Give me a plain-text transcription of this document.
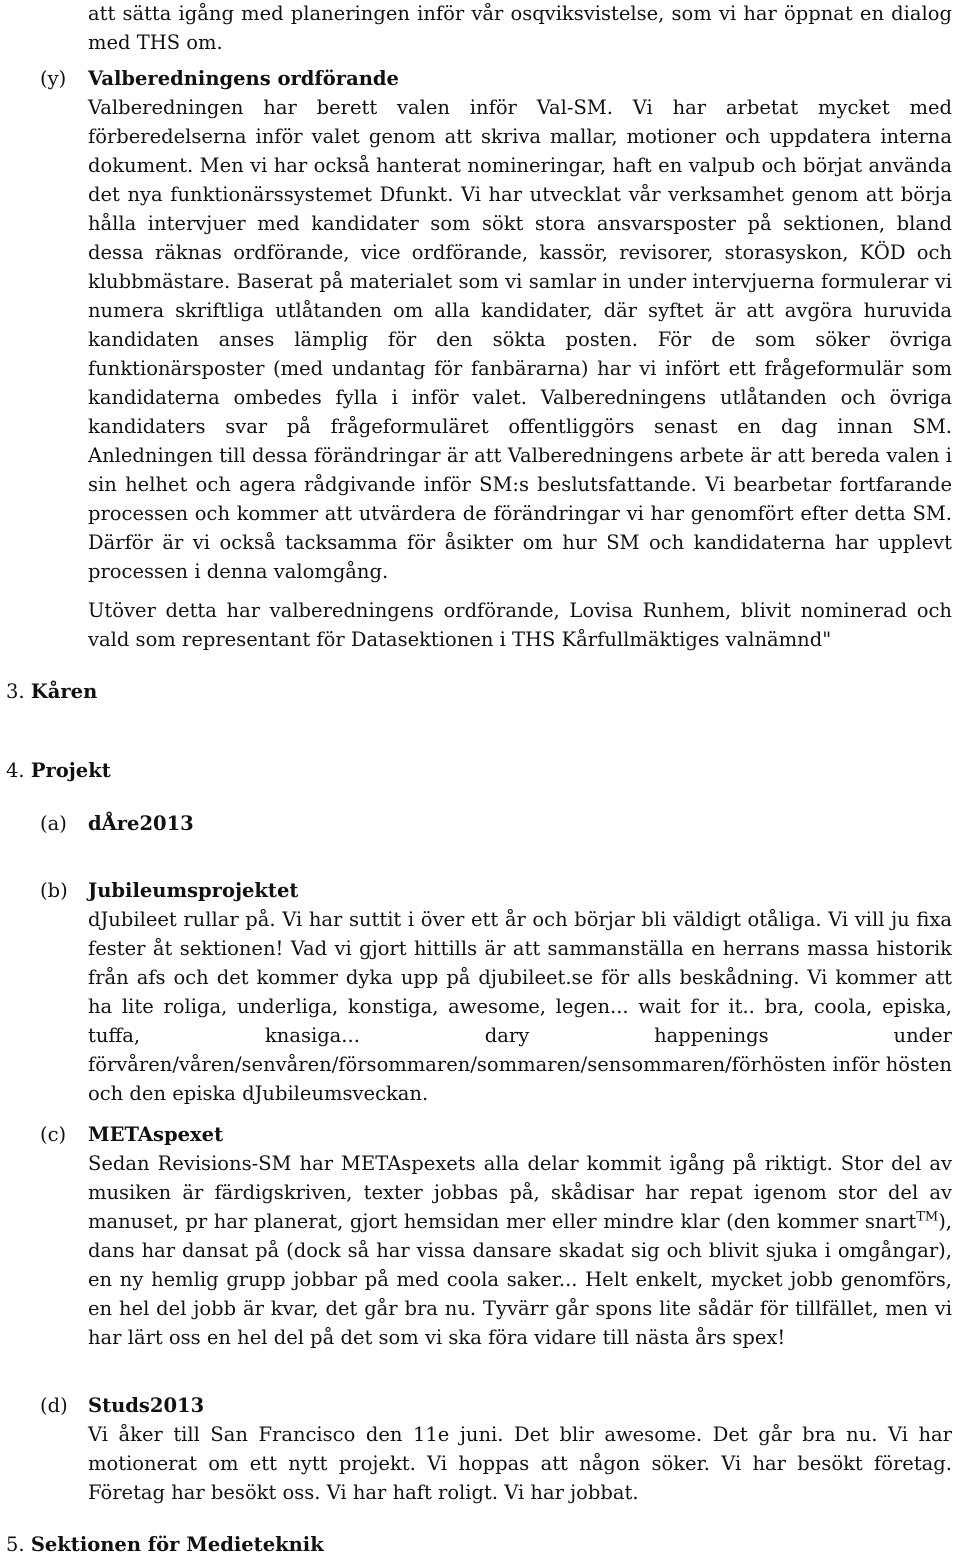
att sätta igång med planeringen inför vår osqviksvistelse, som vi har öppnat en dialog med THS om.

(y) Valberedningens ordförande

Valberedningen har berett valen inför Val-SM. Vi har arbetat mycket med förberedelserna inför valet genom att skriva mallar, motioner och uppdatera interna dokument. Men vi har också hanterat nomineringar, haft en valpub och börjat använda det nya funktionärssystemet Dfunkt. Vi har utvecklat vår verksamhet genom att börja hålla intervjuer med kandidater som sökt stora ansvarsposter på sektionen, bland dessa räknas ordförande, vice ordförande, kassör, revisorer, storasyskon, KÖD och klubbmästare. Baserat på materialet som vi samlar in under intervjuerna formulerar vi numera skriftliga utlåtanden om alla kandidater, där syftet är att avgöra huruvida kandidaten anses lämplig för den sökta posten. För de som söker övriga funktionärsposter (med undantag för fanbärarna) har vi infört ett frågeformulär som kandidaterna ombedes fylla i inför valet. Valberedningens utlåtanden och övriga kandidaters svar på frågeformuläret offentliggörs senast en dag innan SM. Anledningen till dessa förändringar är att Valberedningens arbete är att bereda valen i sin helhet och agera rådgivande inför SM:s beslutsfattande. Vi bearbetar fortfarande processen och kommer att utvärdera de förändringar vi har genomfört efter detta SM. Därför är vi också tacksamma för åsikter om hur SM och kandidaterna har upplevt processen i denna valomgång.

Utöver detta har valberedningens ordförande, Lovisa Runhem, blivit nominerad och vald som representant för Datasektionen i THS Kårfullmäktiges valnämnd"

3. Kåren
4. Projekt
(a) dÅre2013
(b) Jubileumsprojektet

dJubileet rullar på. Vi har suttit i över ett år och börjar bli väldigt otåliga. Vi vill ju fixa fester åt sektionen! Vad vi gjort hittills är att sammanställa en herrans massa historik från afs och det kommer dyka upp på djubileet.se för alls beskådning. Vi kommer att ha lite roliga, underliga, konstiga, awesome, legen... wait for it.. bra, coola, episka, tuffa, knasiga... dary happenings under förvåren/våren/senvåren/försommaren/sommaren/sensommaren/förhösten inför hösten och den episka dJubileumsveckan.

(c) METAspexet

Sedan Revisions-SM har METAspexets alla delar kommit igång på riktigt. Stor del av musiken är färdigskriven, texter jobbas på, skådisar har repat igenom stor del av manuset, pr har planerat, gjort hemsidan mer eller mindre klar (den kommer snart™), dans har dansat på (dock så har vissa dansare skadat sig och blivit sjuka i omgångar), en ny hemlig grupp jobbar på med coola saker... Helt enkelt, mycket jobb genomförs, en hel del jobb är kvar, det går bra nu. Tyvärr går spons lite sådär för tillfället, men vi har lärt oss en hel del på det som vi ska föra vidare till nästa års spex!

(d) Studs2013

Vi åker till San Francisco den 11e juni. Det blir awesome. Det går bra nu. Vi har motionerat om ett nytt projekt. Vi hoppas att någon söker. Vi har besökt företag. Företag har besökt oss. Vi har haft roligt. Vi har jobbat.

5. Sektionen för Medieteknik
